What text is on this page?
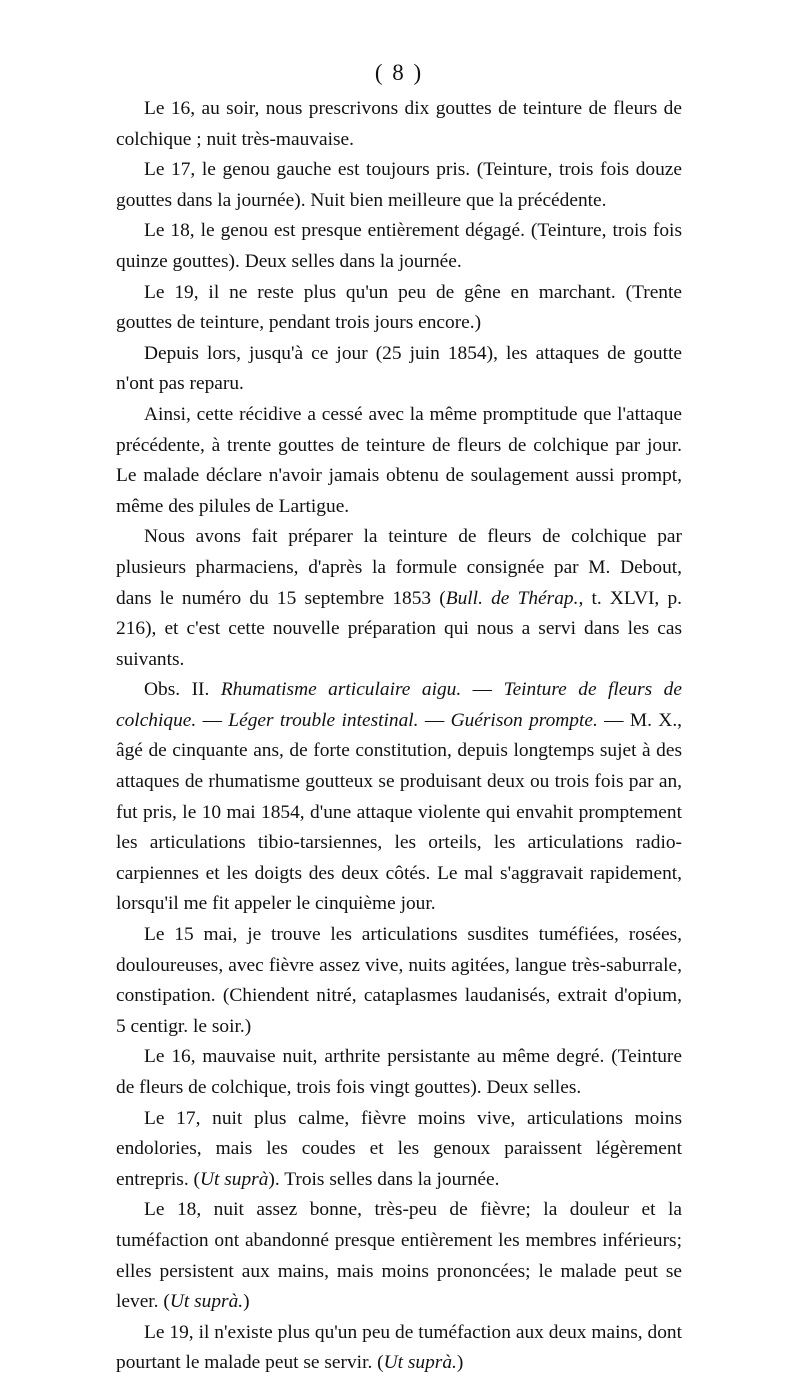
( 8 )

Le 16, au soir, nous prescrivons dix gouttes de teinture de fleurs de colchique ; nuit très-mauvaise.

Le 17, le genou gauche est toujours pris. (Teinture, trois fois douze gouttes dans la journée). Nuit bien meilleure que la précédente.

Le 18, le genou est presque entièrement dégagé. (Teinture, trois fois quinze gouttes). Deux selles dans la journée.

Le 19, il ne reste plus qu'un peu de gêne en marchant. (Trente gouttes de teinture, pendant trois jours encore.)

Depuis lors, jusqu'à ce jour (25 juin 1854), les attaques de goutte n'ont pas reparu.

Ainsi, cette récidive a cessé avec la même promptitude que l'attaque précédente, à trente gouttes de teinture de fleurs de colchique par jour. Le malade déclare n'avoir jamais obtenu de soulagement aussi prompt, même des pilules de Lartigue.

Nous avons fait préparer la teinture de fleurs de colchique par plusieurs pharmaciens, d'après la formule consignée par M. Debout, dans le numéro du 15 septembre 1853 (Bull. de Thérap., t. XLVI, p. 216), et c'est cette nouvelle préparation qui nous a servi dans les cas suivants.

Obs. II. Rhumatisme articulaire aigu. — Teinture de fleurs de colchique. — Léger trouble intestinal. — Guérison prompte. — M. X., âgé de cinquante ans, de forte constitution, depuis longtemps sujet à des attaques de rhumatisme goutteux se produisant deux ou trois fois par an, fut pris, le 10 mai 1854, d'une attaque violente qui envahit promptement les articulations tibio-tarsiennes, les orteils, les articulations radio-carpiennes et les doigts des deux côtés. Le mal s'aggravait rapidement, lorsqu'il me fit appeler le cinquième jour.

Le 15 mai, je trouve les articulations susdites tuméfiées, rosées, douloureuses, avec fièvre assez vive, nuits agitées, langue très-saburrale, constipation. (Chiendent nitré, cataplasmes laudanisés, extrait d'opium, 5 centigr. le soir.)

Le 16, mauvaise nuit, arthrite persistante au même degré. (Teinture de fleurs de colchique, trois fois vingt gouttes). Deux selles.

Le 17, nuit plus calme, fièvre moins vive, articulations moins endolories, mais les coudes et les genoux paraissent légèrement entrepris. (Ut suprà). Trois selles dans la journée.

Le 18, nuit assez bonne, très-peu de fièvre; la douleur et la tuméfaction ont abandonné presque entièrement les membres inférieurs; elles persistent aux mains, mais moins prononcées; le malade peut se lever. (Ut suprà.)

Le 19, il n'existe plus qu'un peu de tuméfaction aux deux mains, dont pourtant le malade peut se servir. (Ut suprà.)
